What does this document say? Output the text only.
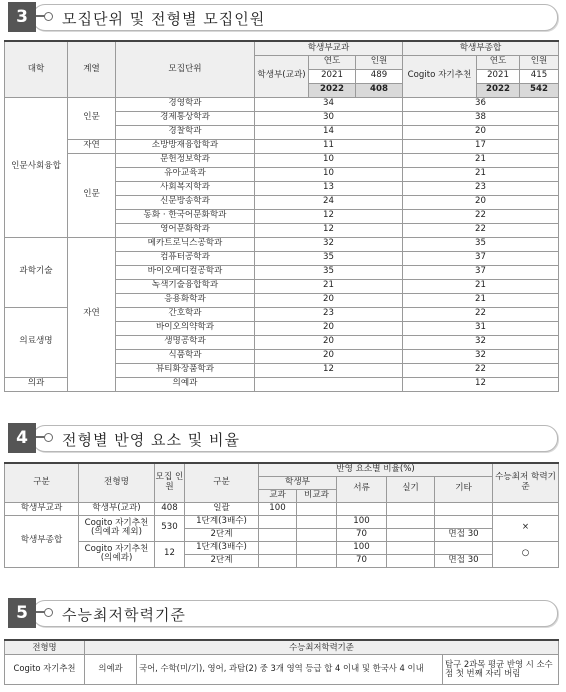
3	모집단위 및 전형별 모집인원
대학	계열	모집단위	학생부교과			학생부종합		
			학생부(교과)	연도	인원	Cogito 자기추천	연도	인원
				2021	489		2021	415
				2022	408		2022	542
인문사회융합	인문	경영학과	34			36		
		경제통상학과	30			38		
		경찰학과	14			20		
	자연	소방방재융합학과	11			17		
	인문	문헌정보학과	10			21		
		유아교육과	10			21		
		사회복지학과	13			23		
		신문방송학과	24			20		
		동화 · 한국어문화학과	12			22		
		영어문화학과	12			22		
과학기술	자연	메카트로닉스공학과	32			35		
		컴퓨터공학과	35			37		
		바이오메디컬공학과	35			37		
		녹색기술융합학과	21			21		
		응용화학과	20			21		
의료생명		간호학과	23			22		
		바이오의약학과	20			31		
		생명공학과	20			32		
		식품학과	20			32		
		뷰티화장품학과	12			22		
의과		의예과				12		
4	전형별 반영 요소 및 비율
구분	전형명	모집 인원	구분	반영 요소별 비율(%)					수능최저 학력기준
				학생부		서류	실기	기타	
				교과	비교과				
학생부교과	학생부(교과)	408	일괄	100					
학생부종합	Cogito 자기추천 (의예과 제외)	530	1단계(3배수)			100			×
			2단계			70		면접 30	
	Cogito 자기추천 (의예과)	12	1단계(3배수)			100			○
			2단계			70		면접 30	
5	수능최저학력기준
전형명	수능최저학력기준		
Cogito 자기추천	의예과	국어, 수학(미/기), 영어, 과탐(2) 중 3개 영역 등급 합 4 이내 및 한국사 4 이내	탐구 2과목 평균 반영 시 소수점 첫 번째 자리 버림
